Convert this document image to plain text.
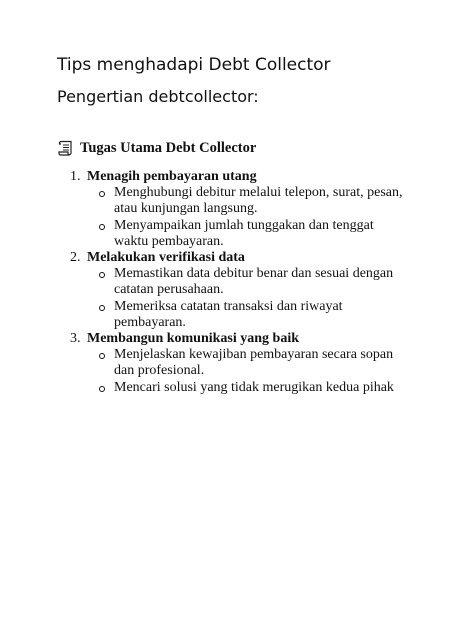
Tips menghadapi Debt Collector
Pengertian debtcollector:
Tugas Utama Debt Collector
1. Menagih pembayaran utang
Menghubungi debitur melalui telepon, surat, pesan, atau kunjungan langsung.
Menyampaikan jumlah tunggakan dan tenggat waktu pembayaran.
2. Melakukan verifikasi data
Memastikan data debitur benar dan sesuai dengan catatan perusahaan.
Memeriksa catatan transaksi dan riwayat pembayaran.
3. Membangun komunikasi yang baik
Menjelaskan kewajiban pembayaran secara sopan dan profesional.
Mencari solusi yang tidak merugikan kedua pihak
